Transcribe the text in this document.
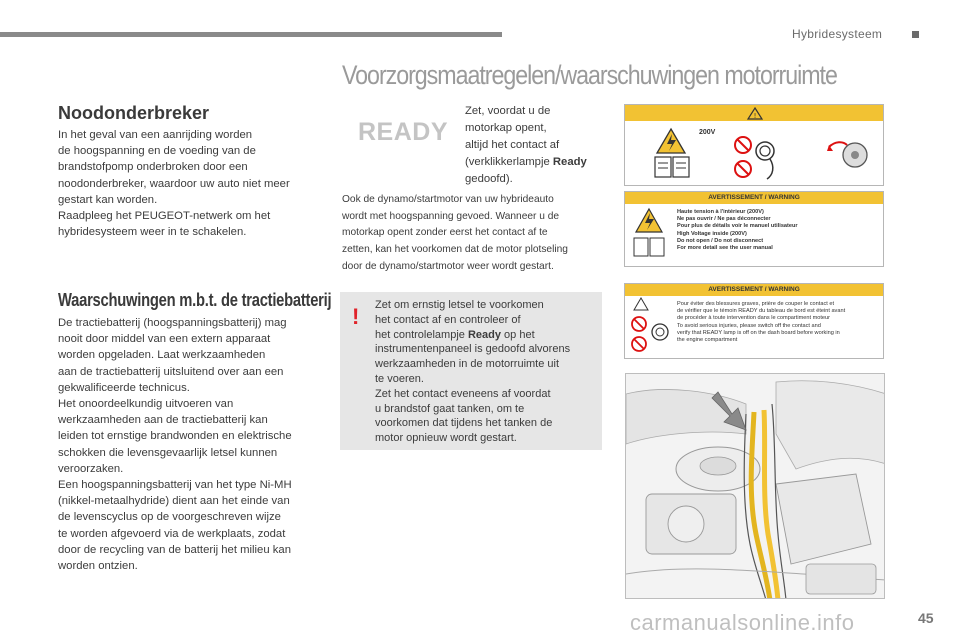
Hybridesysteem
Voorzorgsmaatregelen/waarschuwingen motorruimte
Noodonderbreker
In het geval van een aanrijding worden
de hoogspanning en de voeding van de
brandstofpomp onderbroken door een
noodonderbreker, waardoor uw auto niet meer
gestart kan worden.
Raadpleeg het PEUGEOT-netwerk om het
hybridesysteem weer in te schakelen.
Waarschuwingen m.b.t. de tractiebatterij
De tractiebatterij (hoogspanningsbatterij) mag
nooit door middel van een extern apparaat
worden opgeladen. Laat werkzaamheden
aan de tractiebatterij uitsluitend over aan een
gekwalificeerde technicus.
Het onoordeelkundig uitvoeren van
werkzaamheden aan de tractiebatterij kan
leiden tot ernstige brandwonden en elektrische
schokken die levensgevaarlijk letsel kunnen
veroorzaken.
Een hoogspanningsbatterij van het type Ni-MH
(nikkel-metaalhydride) dient aan het einde van
de levenscyclus op de voorgeschreven wijze
te worden afgevoerd via de werkplaats, zodat
door de recycling van de batterij het milieu kan
worden ontzien.
READY
Zet, voordat u de
motorkap opent,
altijd het contact af
(verklikkerlampje Ready
gedoofd).
Ook de dynamo/startmotor van uw hybrideauto
wordt met hoogspanning gevoed. Wanneer u de
motorkap opent zonder eerst het contact af te
zetten, kan het voorkomen dat de motor plotseling
door de dynamo/startmotor weer wordt gestart.
! Zet om ernstig letsel te voorkomen
het contact af en controleer of
het controlelampje Ready op het
instrumentenpaneel is gedoofd alvorens
werkzaamheden in de motorruimte uit
te voeren.
Zet het contact eveneens af voordat
u brandstof gaat tanken, om te
voorkomen dat tijdens het tanken de
motor opnieuw wordt gestart.
!
200V
AVERTISSEMENT / WARNING
Haute tension à l'intérieur (200V)
Ne pas ouvrir / Ne pas déconnecter
Pour plus de détails voir le manuel utilisateur
High Voltage inside (200V)
Do not open / Do not disconnect
For more detail see the user manual
AVERTISSEMENT / WARNING
Pour éviter des blessures graves, prière de couper le contact et
de vérifier que le témoin READY du tableau de bord est éteint avant
de procéder à toute intervention dans le compartiment moteur
To avoid serious injuries, please switch off the contact and
verify that READY lamp is off on the dash board before working in
the engine compartment
45
carmanualsonline.info
